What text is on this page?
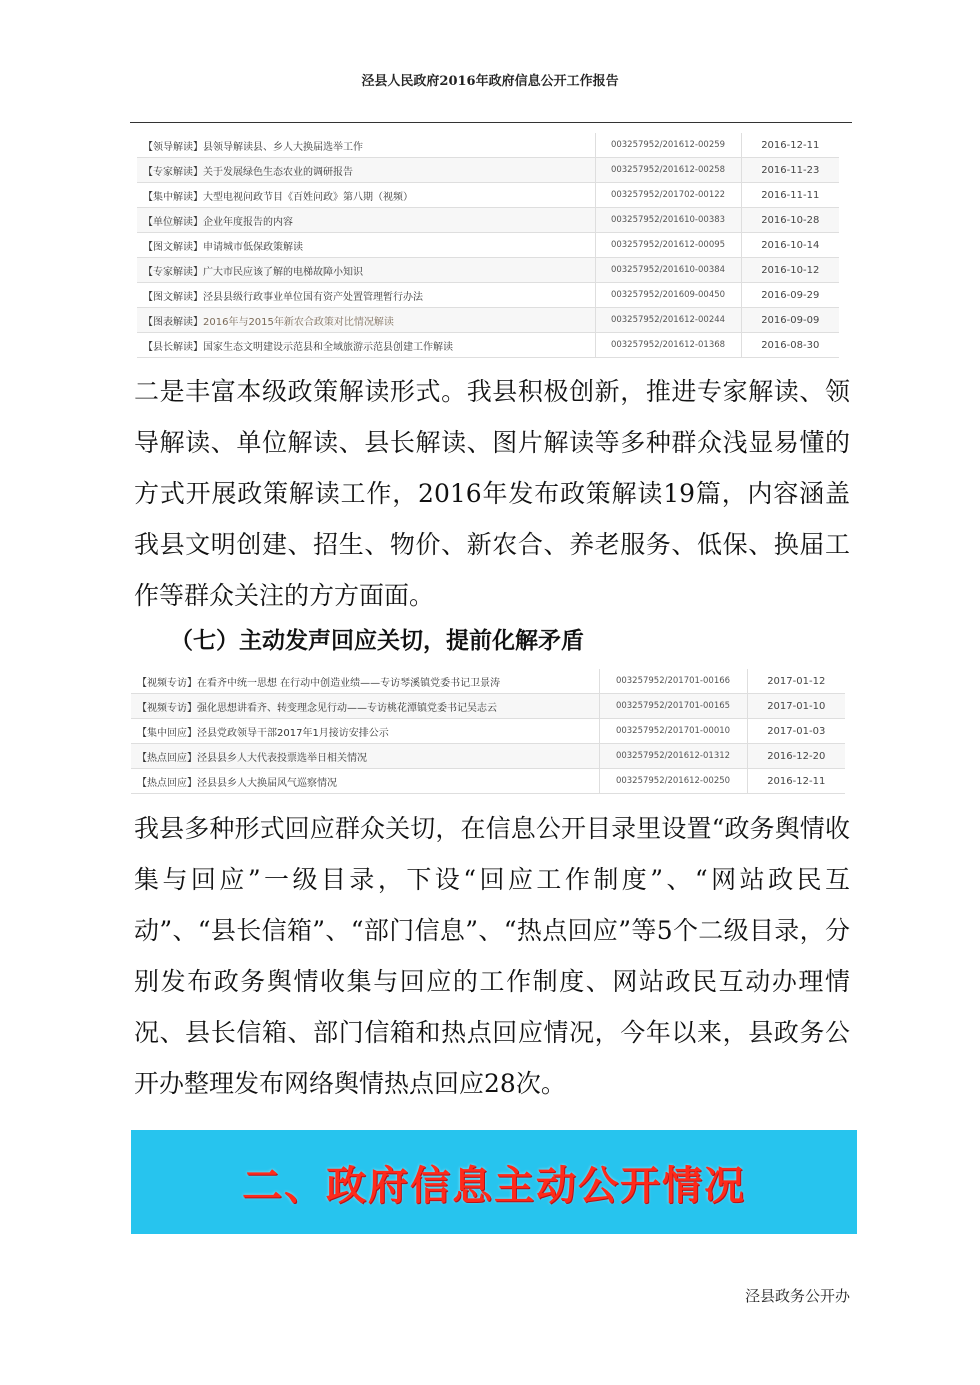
泾县人民政府2016年政府信息公开工作报告
【领导解读】县领导解读县、乡人大换届选举工作	003257952/201612-00259	2016-12-11
【专家解读】关于发展绿色生态农业的调研报告	003257952/201612-00258	2016-11-23
【集中解读】大型电视问政节目《百姓问政》第八期（视频）	003257952/201702-00122	2016-11-11
【单位解读】企业年度报告的内容	003257952/201610-00383	2016-10-28
【图文解读】申请城市低保政策解读	003257952/201612-00095	2016-10-14
【专家解读】广大市民应该了解的电梯故障小知识	003257952/201610-00384	2016-10-12
【图文解读】泾县县级行政事业单位国有资产处置管理暂行办法	003257952/201609-00450	2016-09-29
【图表解读】2016年与2015年新农合政策对比情况解读	003257952/201612-00244	2016-09-09
【县长解读】国家生态文明建设示范县和全域旅游示范县创建工作解读	003257952/201612-01368	2016-08-30

二是丰富本级政策解读形式。我县积极创新，推进专家解读、领导解读、单位解读、县长解读、图片解读等多种群众浅显易懂的方式开展政策解读工作，2016年发布政策解读19篇，内容涵盖我县文明创建、招生、物价、新农合、养老服务、低保、换届工作等群众关注的方方面面。

（七）主动发声回应关切，提前化解矛盾
【视频专访】在看齐中统一思想 在行动中创造业绩——专访琴溪镇党委书记卫景涛	003257952/201701-00166	2017-01-12
【视频专访】强化思想讲看齐、转变理念见行动——专访桃花潭镇党委书记吴志云	003257952/201701-00165	2017-01-10
【集中回应】泾县党政领导干部2017年1月接访安排公示	003257952/201701-00010	2017-01-03
【热点回应】泾县县乡人大代表投票选举日相关情况	003257952/201612-01312	2016-12-20
【热点回应】泾县县乡人大换届风气巡察情况	003257952/201612-00250	2016-12-11

我县多种形式回应群众关切，在信息公开目录里设置“政务舆情收集与回应”一级目录，下设“回应工作制度”、“网站政民互动”、“县长信箱”、“部门信息”、“热点回应”等5个二级目录，分别发布政务舆情收集与回应的工作制度、网站政民互动办理情况、县长信箱、部门信箱和热点回应情况，今年以来，县政务公开办整理发布网络舆情热点回应28次。

二、政府信息主动公开情况
泾县政务公开办
